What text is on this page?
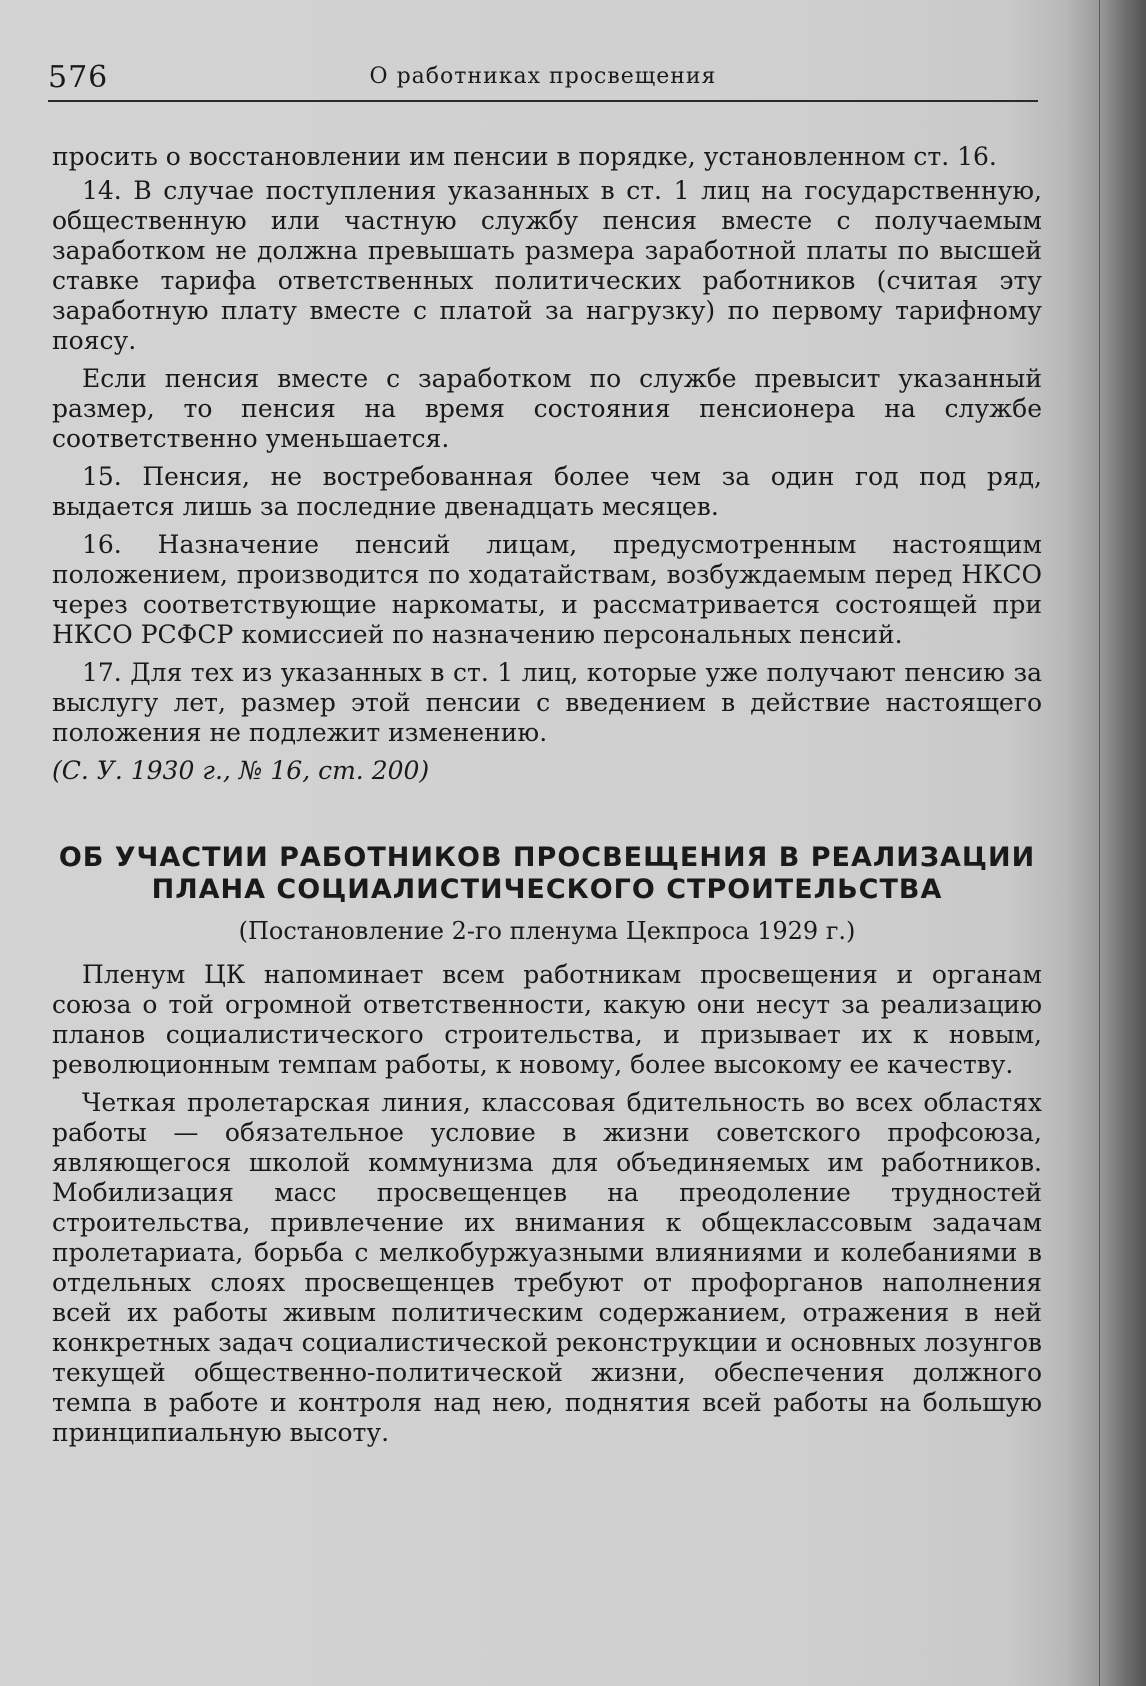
576	О работниках просвещения

просить о восстановлении им пенсии в порядке, установленном ст. 16.

14. В случае поступления указанных в ст. 1 лиц на государственную, общественную или частную службу пенсия вместе с получаемым заработком не должна превышать размера заработной платы по высшей ставке тарифа ответственных политических работников (считая эту заработную плату вместе с платой за нагрузку) по первому тарифному поясу.

Если пенсия вместе с заработком по службе превысит указанный размер, то пенсия на время состояния пенсионера на службе соответственно уменьшается.

15. Пенсия, не востребованная более чем за один год под ряд, выдается лишь за последние двенадцать месяцев.

16. Назначение пенсий лицам, предусмотренным настоящим положением, производится по ходатайствам, возбуждаемым перед НКСО через соответствующие наркоматы, и рассматривается состоящей при НКСО РСФСР комиссией по назначению персональных пенсий.

17. Для тех из указанных в ст. 1 лиц, которые уже получают пенсию за выслугу лет, размер этой пенсии с введением в действие настоящего положения не подлежит изменению.

(С. У. 1930 г., № 16, ст. 200)

ОБ УЧАСТИИ РАБОТНИКОВ ПРОСВЕЩЕНИЯ В РЕАЛИЗАЦИИ
ПЛАНА СОЦИАЛИСТИЧЕСКОГО СТРОИТЕЛЬСТВА
(Постановление 2-го пленума Цекпроса 1929 г.)

Пленум ЦК напоминает всем работникам просвещения и органам союза о той огромной ответственности, какую они несут за реализацию планов социалистического строительства, и призывает их к новым, революционным темпам работы, к новому, более высокому ее качеству.

Четкая пролетарская линия, классовая бдительность во всех областях работы — обязательное условие в жизни советского профсоюза, являющегося школой коммунизма для объединяемых им работников. Мобилизация масс просвещенцев на преодоление трудностей строительства, привлечение их внимания к общеклассовым задачам пролетариата, борьба с мелкобуржуазными влияниями и колебаниями в отдельных слоях просвещенцев требуют от профорганов наполнения всей их работы живым политическим содержанием, отражения в ней конкретных задач социалистической реконструкции и основных лозунгов текущей общественно-политической жизни, обеспечения должного темпа в работе и контроля над нею, поднятия всей работы на большую принципиальную высоту.
